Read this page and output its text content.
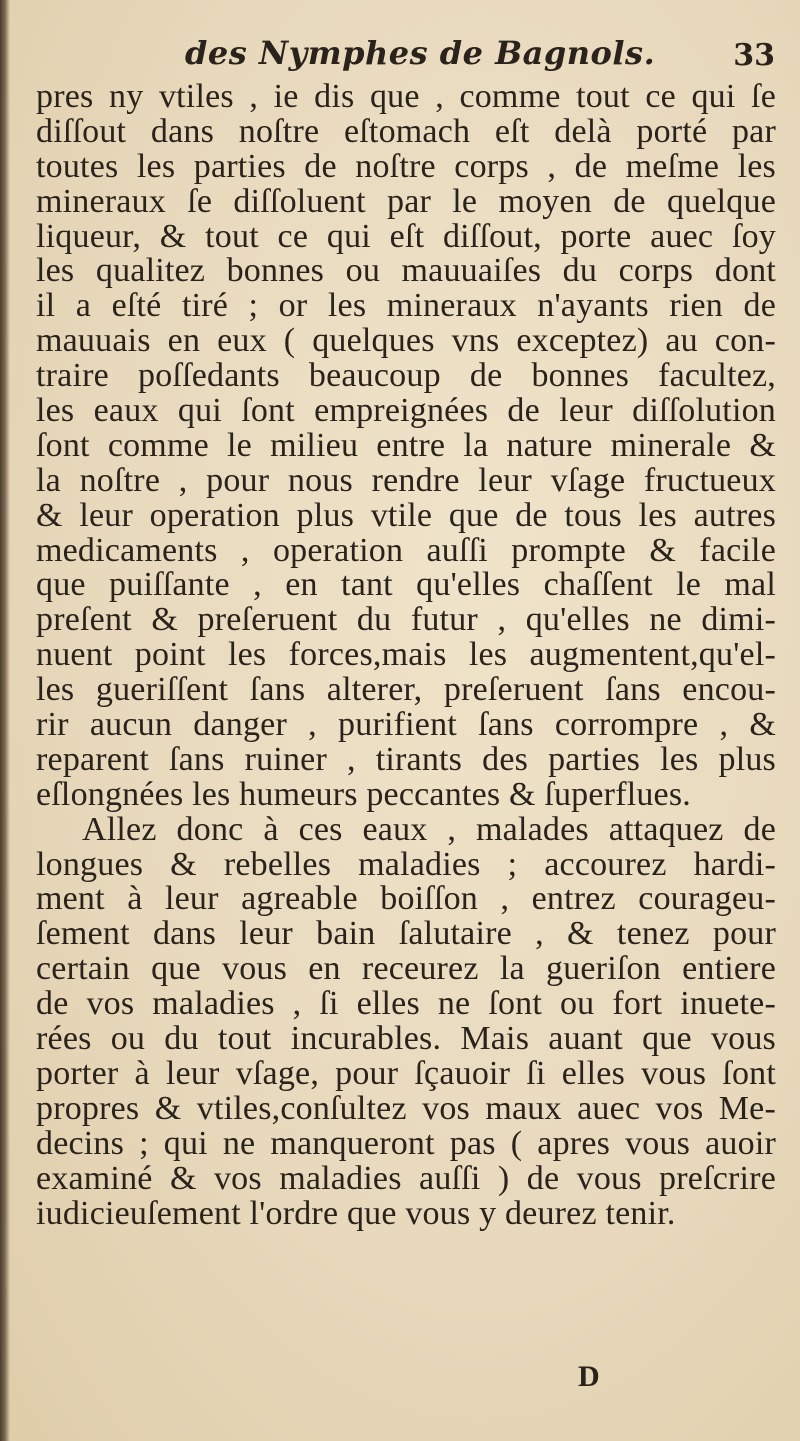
des Nymphes de Bagnols.	33
pres ny vtiles , ie dis que , comme tout ce qui ſe
diſſout dans noſtre eſtomach eſt delà porté par
toutes les parties de noſtre corps , de meſme les
mineraux ſe diſſoluent par le moyen de quelque
liqueur, & tout ce qui eſt diſſout, porte auec ſoy
les qualitez bonnes ou mauuaiſes du corps dont
il a eſté tiré ; or les mineraux n'ayants rien de
mauuais en eux ( quelques vns exceptez) au con-
traire poſſedants beaucoup de bonnes facultez,
les eaux qui ſont empreignées de leur diſſolution
ſont comme le milieu entre la nature minerale &
la noſtre , pour nous rendre leur vſage fructueux
& leur operation plus vtile que de tous les autres
medicaments , operation auſſi prompte & facile
que puiſſante , en tant qu'elles chaſſent le mal
preſent & preſeruent du futur , qu'elles ne dimi-
nuent point les forces,mais les augmentent,qu'el-
les gueriſſent ſans alterer, preſeruent ſans encou-
rir aucun danger , purifient ſans corrompre , &
reparent ſans ruiner , tirants des parties les plus
eſlongnées les humeurs peccantes & ſuperflues.
Allez donc à ces eaux , malades attaquez de
longues & rebelles maladies ; accourez hardi-
ment à leur agreable boiſſon , entrez courageu-
ſement dans leur bain ſalutaire , & tenez pour
certain que vous en receurez la gueriſon entiere
de vos maladies , ſi elles ne ſont ou fort inuete-
rées ou du tout incurables. Mais auant que vous
porter à leur vſage, pour ſçauoir ſi elles vous ſont
propres & vtiles,conſultez vos maux auec vos Me-
decins ; qui ne manqueront pas ( apres vous auoir
examiné & vos maladies auſſi ) de vous preſcrire
iudicieuſement l'ordre que vous y deurez tenir.
D
